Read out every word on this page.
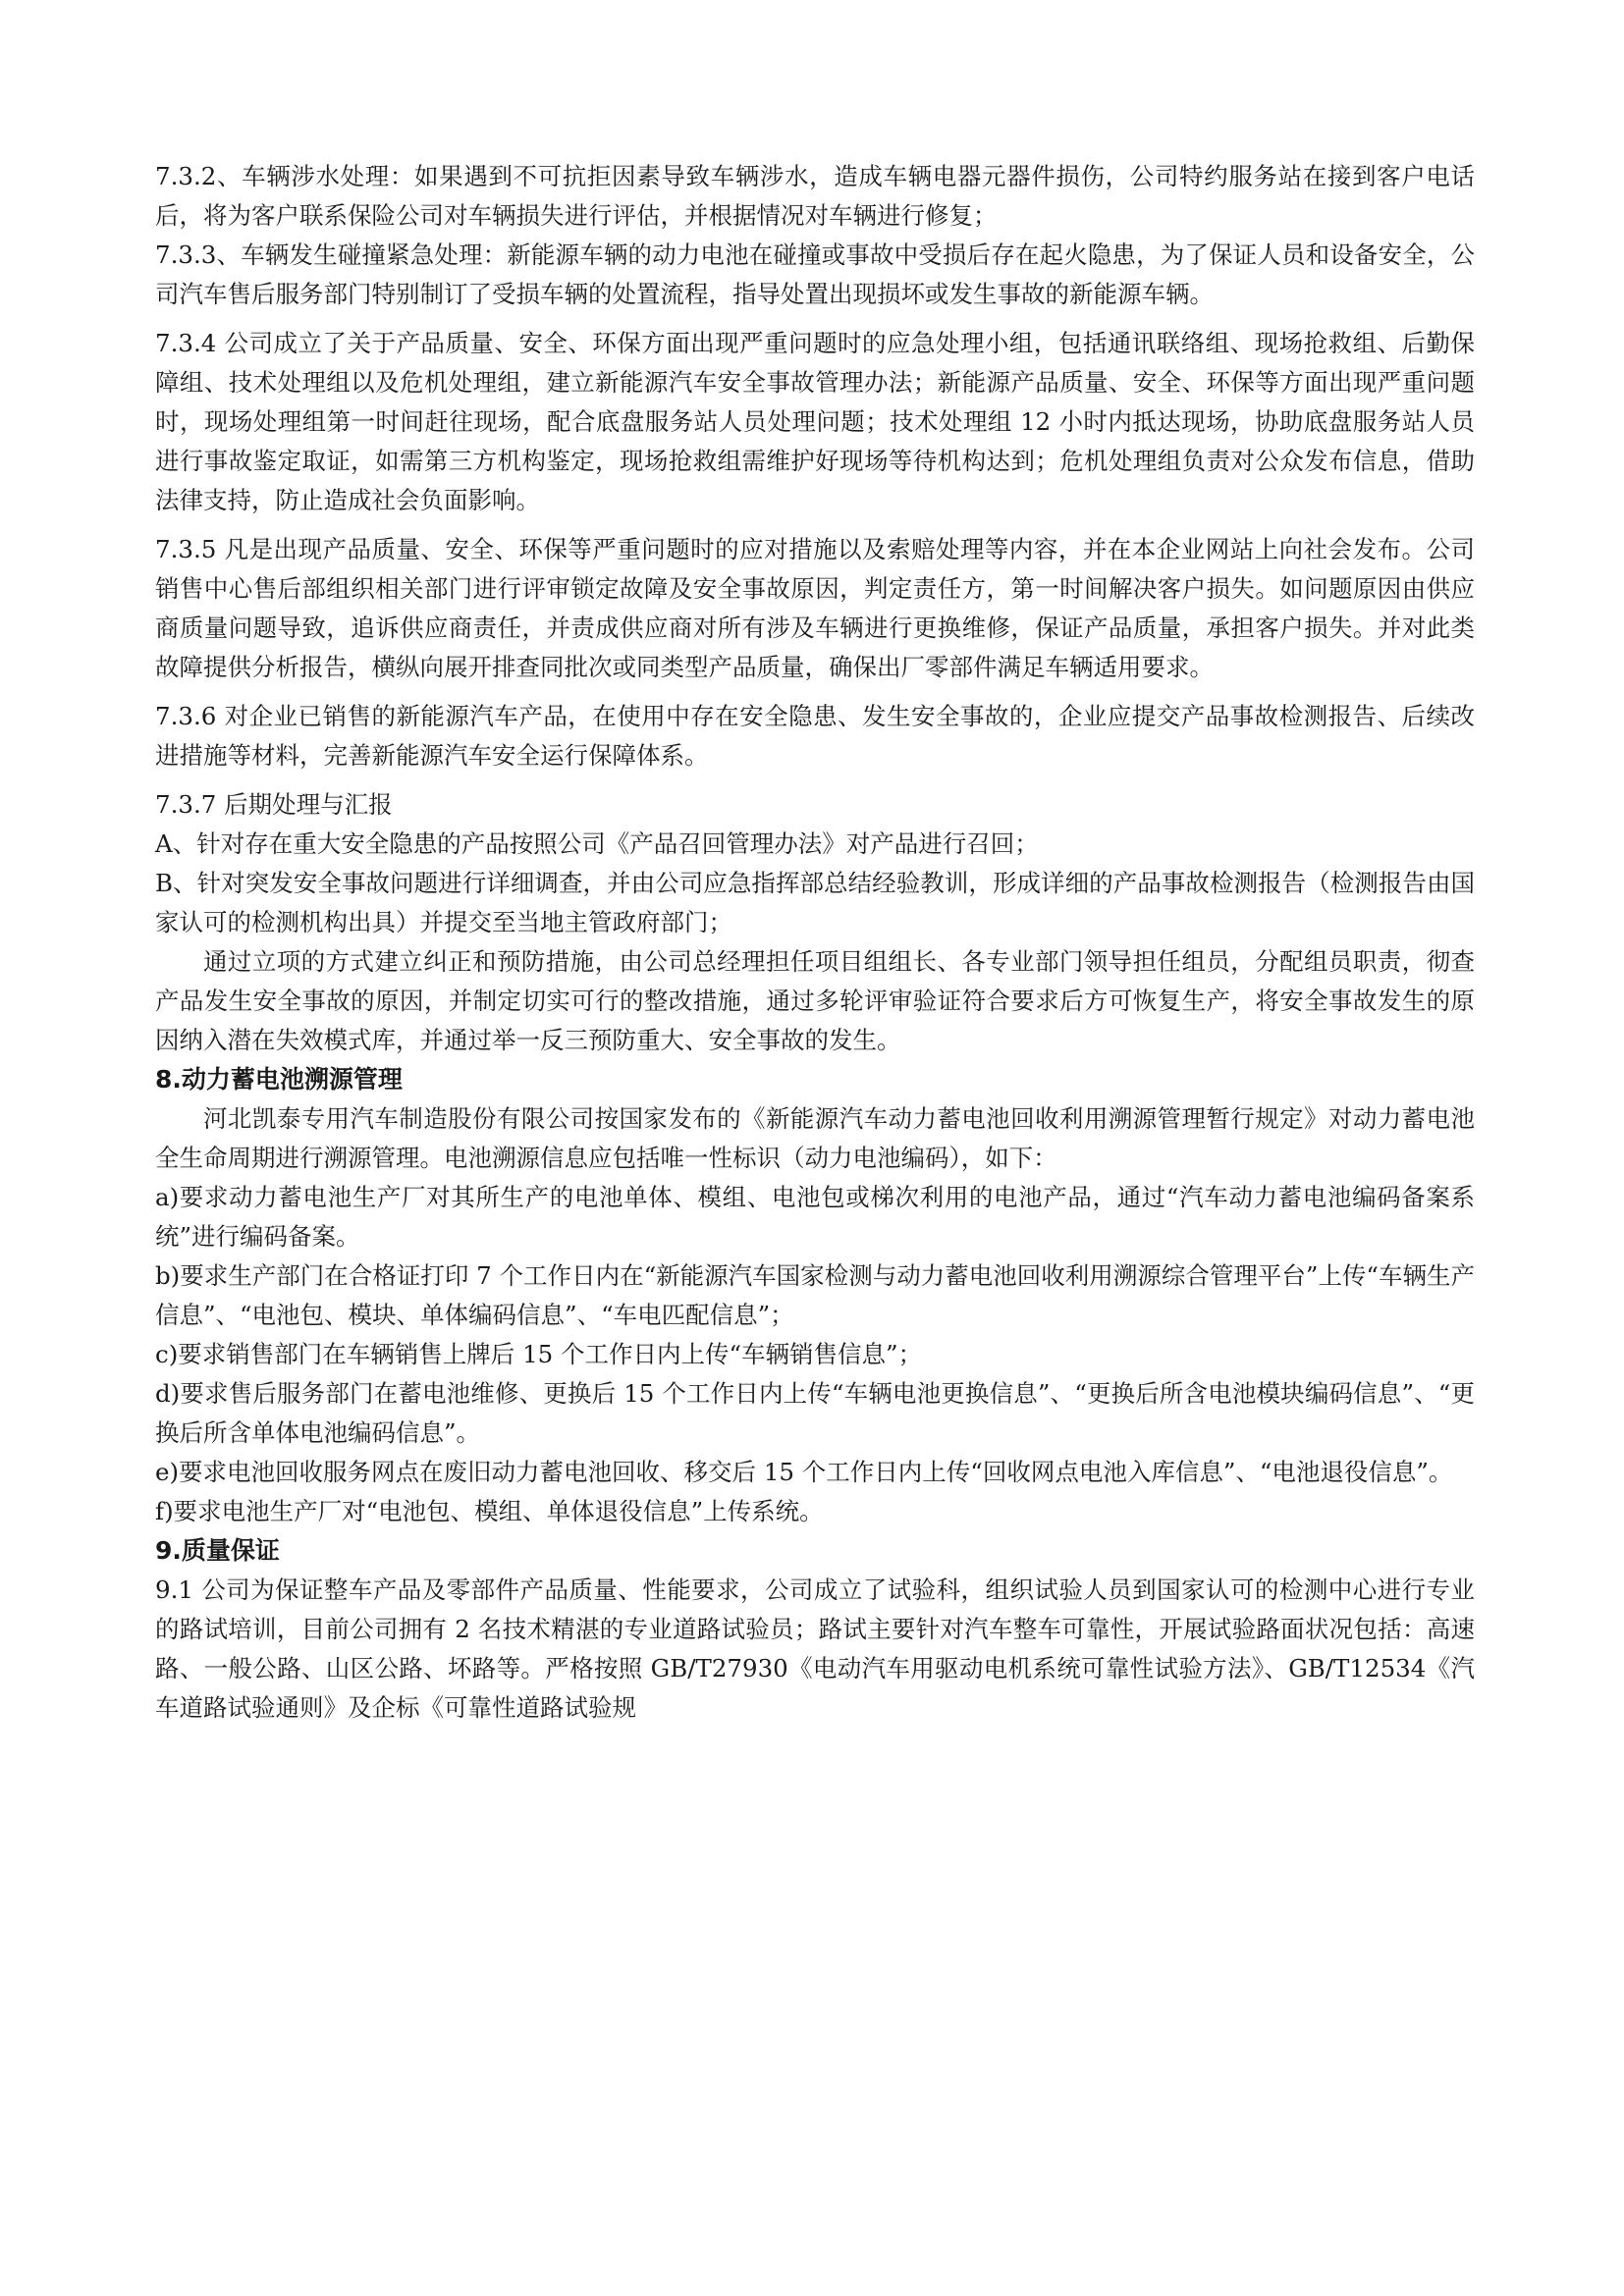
7.3.2、车辆涉水处理：如果遇到不可抗拒因素导致车辆涉水，造成车辆电器元器件损伤，公司特约服务站在接到客户电话后，将为客户联系保险公司对车辆损失进行评估，并根据情况对车辆进行修复；

7.3.3、车辆发生碰撞紧急处理：新能源车辆的动力电池在碰撞或事故中受损后存在起火隐患，为了保证人员和设备安全，公司汽车售后服务部门特别制订了受损车辆的处置流程，指导处置出现损坏或发生事故的新能源车辆。

7.3.4 公司成立了关于产品质量、安全、环保方面出现严重问题时的应急处理小组，包括通讯联络组、现场抢救组、后勤保障组、技术处理组以及危机处理组，建立新能源汽车安全事故管理办法；新能源产品质量、安全、环保等方面出现严重问题时，现场处理组第一时间赶往现场，配合底盘服务站人员处理问题；技术处理组 12 小时内抵达现场，协助底盘服务站人员进行事故鉴定取证，如需第三方机构鉴定，现场抢救组需维护好现场等待机构达到；危机处理组负责对公众发布信息，借助法律支持，防止造成社会负面影响。

7.3.5 凡是出现产品质量、安全、环保等严重问题时的应对措施以及索赔处理等内容，并在本企业网站上向社会发布。公司销售中心售后部组织相关部门进行评审锁定故障及安全事故原因，判定责任方，第一时间解决客户损失。如问题原因由供应商质量问题导致，追诉供应商责任，并责成供应商对所有涉及车辆进行更换维修，保证产品质量，承担客户损失。并对此类故障提供分析报告，横纵向展开排查同批次或同类型产品质量，确保出厂零部件满足车辆适用要求。

7.3.6 对企业已销售的新能源汽车产品，在使用中存在安全隐患、发生安全事故的，企业应提交产品事故检测报告、后续改进措施等材料，完善新能源汽车安全运行保障体系。

7.3.7 后期处理与汇报

A、针对存在重大安全隐患的产品按照公司《产品召回管理办法》对产品进行召回；

B、针对突发安全事故问题进行详细调查，并由公司应急指挥部总结经验教训，形成详细的产品事故检测报告（检测报告由国家认可的检测机构出具）并提交至当地主管政府部门；

通过立项的方式建立纠正和预防措施，由公司总经理担任项目组组长、各专业部门领导担任组员，分配组员职责，彻查产品发生安全事故的原因，并制定切实可行的整改措施，通过多轮评审验证符合要求后方可恢复生产，将安全事故发生的原因纳入潜在失效模式库，并通过举一反三预防重大、安全事故的发生。

8.动力蓄电池溯源管理

河北凯泰专用汽车制造股份有限公司按国家发布的《新能源汽车动力蓄电池回收利用溯源管理暂行规定》对动力蓄电池全生命周期进行溯源管理。电池溯源信息应包括唯一性标识（动力电池编码），如下：

a)要求动力蓄电池生产厂对其所生产的电池单体、模组、电池包或梯次利用的电池产品，通过“汽车动力蓄电池编码备案系统”进行编码备案。

b)要求生产部门在合格证打印 7 个工作日内在“新能源汽车国家检测与动力蓄电池回收利用溯源综合管理平台”上传“车辆生产信息”、“电池包、模块、单体编码信息”、“车电匹配信息”；

c)要求销售部门在车辆销售上牌后 15 个工作日内上传“车辆销售信息”；

d)要求售后服务部门在蓄电池维修、更换后 15 个工作日内上传“车辆电池更换信息”、“更换后所含电池模块编码信息”、“更换后所含单体电池编码信息”。

e)要求电池回收服务网点在废旧动力蓄电池回收、移交后 15 个工作日内上传“回收网点电池入库信息”、“电池退役信息”。

f)要求电池生产厂对“电池包、模组、单体退役信息”上传系统。

9.质量保证

9.1 公司为保证整车产品及零部件产品质量、性能要求，公司成立了试验科，组织试验人员到国家认可的检测中心进行专业的路试培训，目前公司拥有 2 名技术精湛的专业道路试验员；路试主要针对汽车整车可靠性，开展试验路面状况包括：高速路、一般公路、山区公路、坏路等。严格按照 GB/T27930《电动汽车用驱动电机系统可靠性试验方法》、GB/T12534《汽车道路试验通则》及企标《可靠性道路试验规
